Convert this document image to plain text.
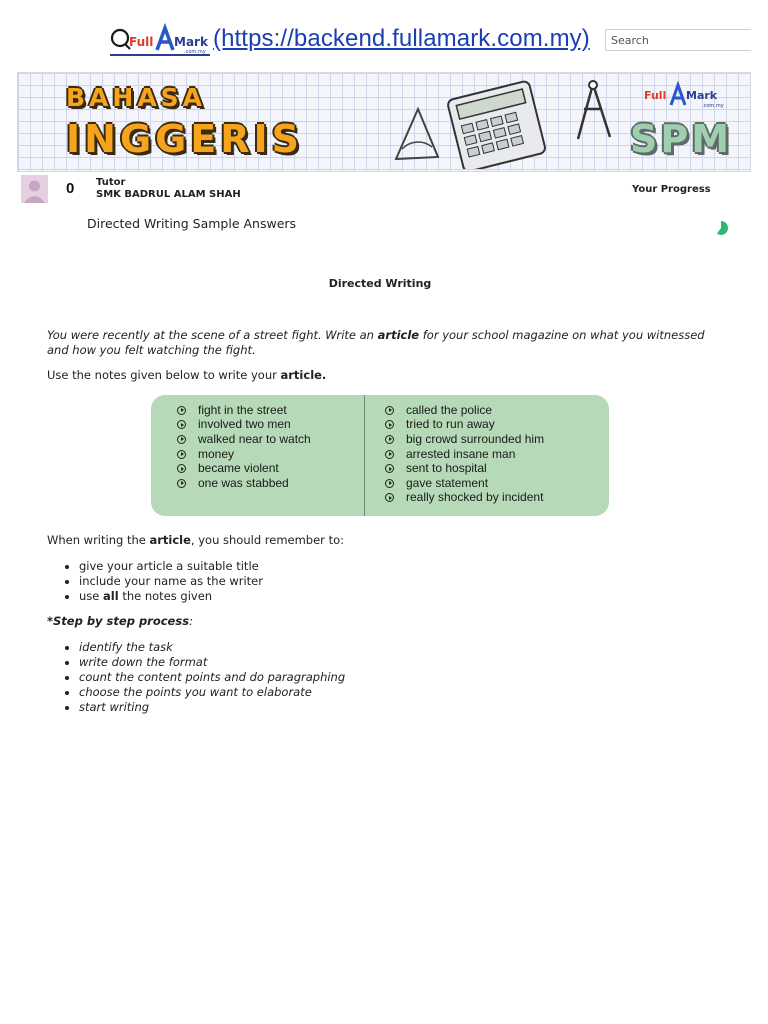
Full Mark
.com.my (https://backend.fullamark.com.my)
Search
BAHASA
INGGERIS
Full Mark
.com.my
SPM
0 Tutor
SMK BADRUL ALAM SHAH	Your Progress
Directed Writing Sample Answers
Directed Writing

You were recently at the scene of a street fight. Write an article for your school magazine on what you witnessed and how you felt watching the fight.

Use the notes given below to write your article.

fight in the street
involved two men
walked near to watch
money
became violent
one was stabbed
called the police
tried to run away
big crowd surrounded him
arrested insane man
sent to hospital
gave statement
really shocked by incident

When writing the article, you should remember to:

• give your article a suitable title
• include your name as the writer
• use all the notes given

*Step by step process:

• identify the task
• write down the format
• count the content points and do paragraphing
• choose the points you want to elaborate
• start writing
